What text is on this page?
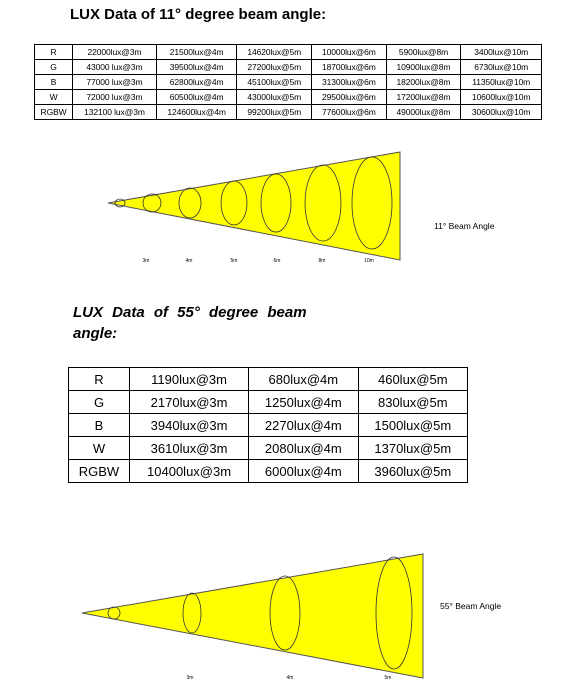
LUX Data of 11° degree beam angle:
R	22000lux@3m	21500lux@4m	14620lux@5m	10000lux@6m	5900lux@8m	3400lux@10m
G	43000 lux@3m	39500lux@4m	27200lux@5m	18700lux@6m	10900lux@8m	6730lux@10m
B	77000 lux@3m	62800lux@4m	45100lux@5m	31300lux@6m	18200lux@8m	11350lux@10m
W	72000 lux@3m	60500lux@4m	43000lux@5m	29500lux@6m	17200lux@8m	10600lux@10m
RGBW	132100 lux@3m	124600lux@4m	99200lux@5m	77600lux@6m	49000lux@8m	30600lux@10m
11° Beam Angle
3m	4m	5m	6m	8m	10m
LUX Data of 55° degree beam angle:
R	1190lux@3m	680lux@4m	460lux@5m
G	2170lux@3m	1250lux@4m	830lux@5m
B	3940lux@3m	2270lux@4m	1500lux@5m
W	3610lux@3m	2080lux@4m	1370lux@5m
RGBW	10400lux@3m	6000lux@4m	3960lux@5m
55° Beam Angle
3m	4m	5m
